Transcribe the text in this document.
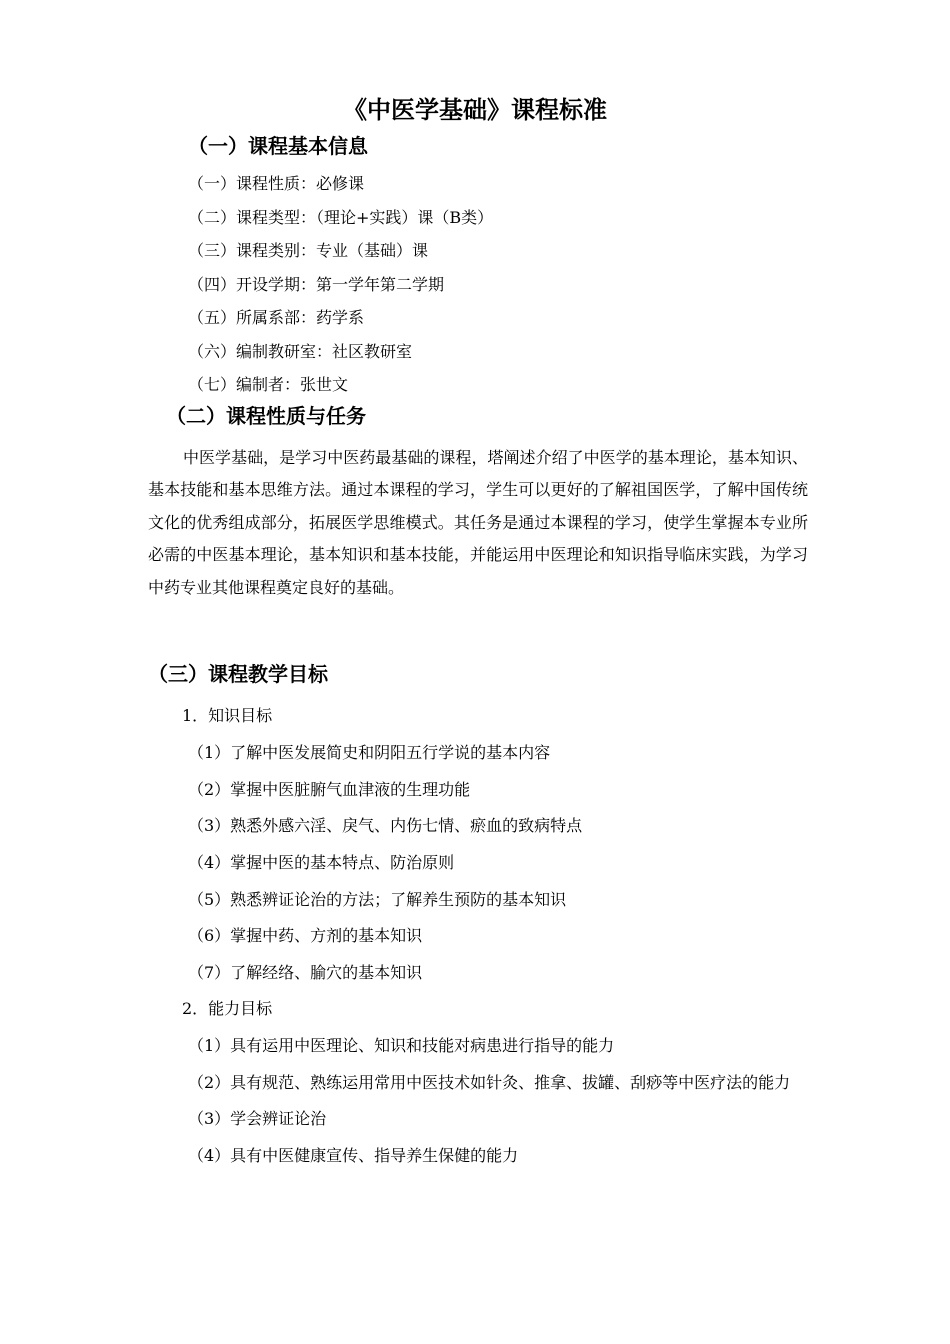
《中医学基础》课程标准
（一）课程基本信息
（一）课程性质：必修课
（二）课程类型：（理论+实践）课（B类）
（三）课程类别：专业（基础）课
（四）开设学期：第一学年第二学期
（五）所属系部：药学系
（六）编制教研室：社区教研室
（七）编制者：张世文
（二）课程性质与任务

中医学基础，是学习中医药最基础的课程，塔阐述介绍了中医学的基本理论，基本知识、基本技能和基本思维方法。通过本课程的学习，学生可以更好的了解祖国医学，了解中国传统文化的优秀组成部分，拓展医学思维模式。其任务是通过本课程的学习，使学生掌握本专业所必需的中医基本理论，基本知识和基本技能，并能运用中医理论和知识指导临床实践，为学习中药专业其他课程奠定良好的基础。

（三）课程教学目标
1．知识目标
（1）了解中医发展简史和阴阳五行学说的基本内容
（2）掌握中医脏腑气血津液的生理功能
（3）熟悉外感六淫、戾气、内伤七情、瘀血的致病特点
（4）掌握中医的基本特点、防治原则
（5）熟悉辨证论治的方法；了解养生预防的基本知识
（6）掌握中药、方剂的基本知识
（7）了解经络、腧穴的基本知识
2．能力目标
（1）具有运用中医理论、知识和技能对病患进行指导的能力
（2）具有规范、熟练运用常用中医技术如针灸、推拿、拔罐、刮痧等中医疗法的能力
（3）学会辨证论治
（4）具有中医健康宣传、指导养生保健的能力
